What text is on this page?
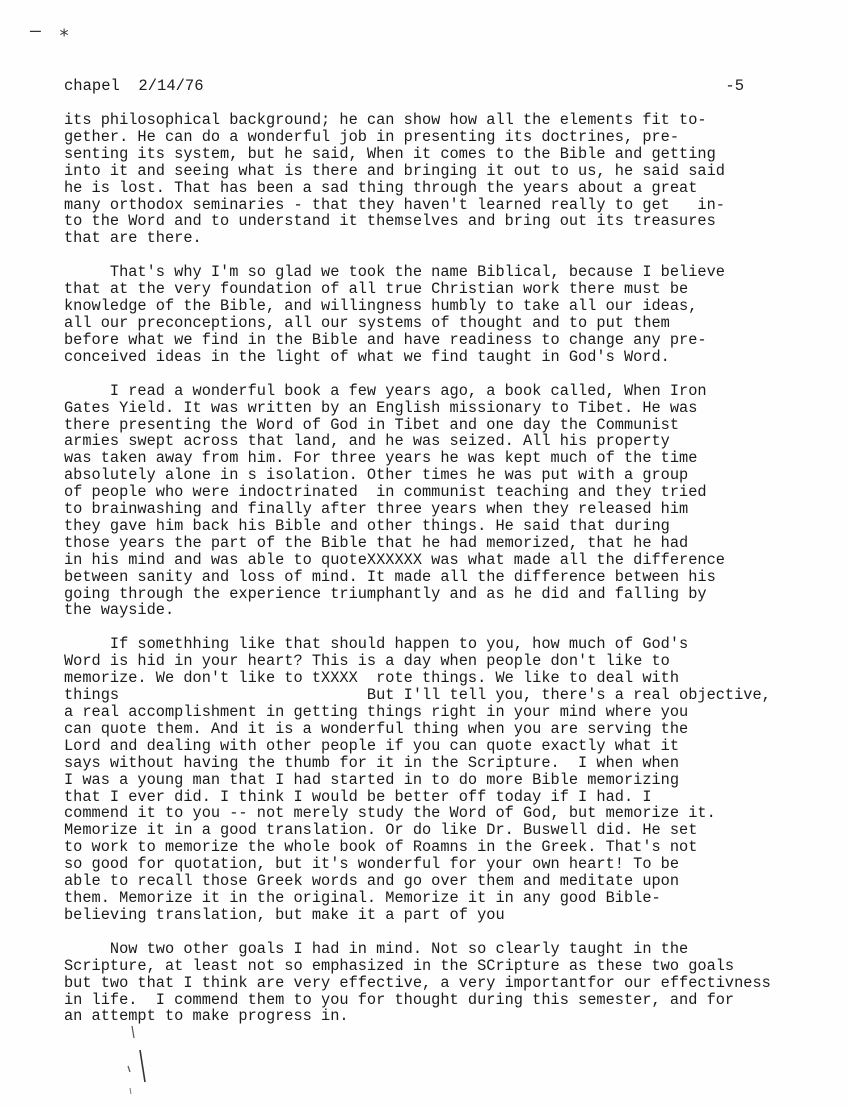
— ⁎
chapel  2/14/76	-5
its philosophical background; he can show how all the elements fit to-
gether. He can do a wonderful job in presenting its doctrines, pre-
senting its system, but he said, When it comes to the Bible and getting
into it and seeing what is there and bringing it out to us, he said said
he is lost. That has been a sad thing through the years about a great
many orthodox seminaries - that they haven't learned really to get   in-
to the Word and to understand it themselves and bring out its treasures
that are there.
That's why I'm so glad we took the name Biblical, because I believe
that at the very foundation of all true Christian work there must be
knowledge of the Bible, and willingness humbly to take all our ideas,
all our preconceptions, all our systems of thought and to put them
before what we find in the Bible and have readiness to change any pre-
conceived ideas in the light of what we find taught in God's Word.
I read a wonderful book a few years ago, a book called, When Iron
Gates Yield. It was written by an English missionary to Tibet. He was
there presenting the Word of God in Tibet and one day the Communist
armies swept across that land, and he was seized. All his property
was taken away from him. For three years he was kept much of the time
absolutely alone in s isolation. Other times he was put with a group
of people who were indoctrinated  in communist teaching and they tried
to brainwashing and finally after three years when they released him
they gave him back his Bible and other things. He said that during
those years the part of the Bible that he had memorized, that he had
in his mind and was able to quoteXXXXXX was what made all the difference
between sanity and loss of mind. It made all the difference between his
going through the experience triumphantly and as he did and falling by
the wayside.
If somethhing like that should happen to you, how much of God's
Word is hid in your heart? This is a day when people don't like to
memorize. We don't like to tXXXX  rote things. We like to deal with
things                           But I'll tell you, there's a real objective,
a real accomplishment in getting things right in your mind where you
can quote them. And it is a wonderful thing when you are serving the
Lord and dealing with other people if you can quote exactly what it
says without having the thumb for it in the Scripture.  I when when
I was a young man that I had started in to do more Bible memorizing
that I ever did. I think I would be better off today if I had. I
commend it to you -- not merely study the Word of God, but memorize it.
Memorize it in a good translation. Or do like Dr. Buswell did. He set
to work to memorize the whole book of Roamns in the Greek. That's not
so good for quotation, but it's wonderful for your own heart! To be
able to recall those Greek words and go over them and meditate upon
them. Memorize it in the original. Memorize it in any good Bible-
believing translation, but make it a part of you
Now two other goals I had in mind. Not so clearly taught in the
Scripture, at least not so emphasized in the SCripture as these two goals
but two that I think are very effective, a very importantfor our effectivness
in life.  I commend them to you for thought during this semester, and for
an attempt to make progress in.
